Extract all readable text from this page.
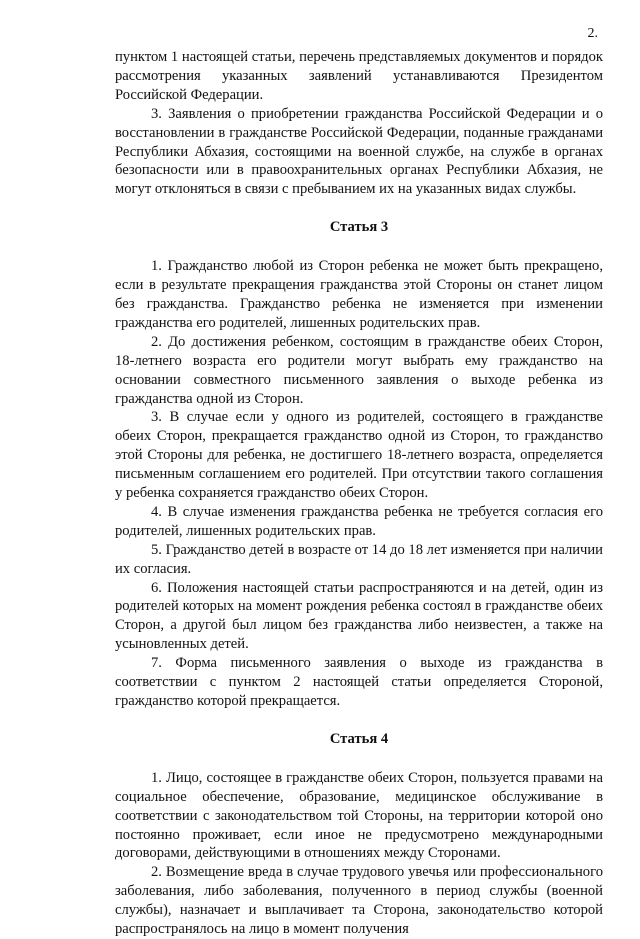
2.

пунктом 1 настоящей статьи, перечень представляемых документов и порядок рассмотрения указанных заявлений устанавливаются Президентом Российской Федерации.

3. Заявления о приобретении гражданства Российской Федерации и о восстановлении в гражданстве Российской Федерации, поданные гражданами Республики Абхазия, состоящими на военной службе, на службе в органах безопасности или в правоохранительных органах Республики Абхазия, не могут отклоняться в связи с пребыванием их на указанных видах службы.

Статья 3

1. Гражданство любой из Сторон ребенка не может быть прекращено, если в результате прекращения гражданства этой Стороны он станет лицом без гражданства. Гражданство ребенка не изменяется при изменении гражданства его родителей, лишенных родительских прав.

2. До достижения ребенком, состоящим в гражданстве обеих Сторон, 18-летнего возраста его родители могут выбрать ему гражданство на основании совместного письменного заявления о выходе ребенка из гражданства одной из Сторон.

3. В случае если у одного из родителей, состоящего в гражданстве обеих Сторон, прекращается гражданство одной из Сторон, то гражданство этой Стороны для ребенка, не достигшего 18-летнего возраста, определяется письменным соглашением его родителей. При отсутствии такого соглашения у ребенка сохраняется гражданство обеих Сторон.

4. В случае изменения гражданства ребенка не требуется согласия его родителей, лишенных родительских прав.

5. Гражданство детей в возрасте от 14 до 18 лет изменяется при наличии их согласия.

6. Положения настоящей статьи распространяются и на детей, один из родителей которых на момент рождения ребенка состоял в гражданстве обеих Сторон, а другой был лицом без гражданства либо неизвестен, а также на усыновленных детей.

7. Форма письменного заявления о выходе из гражданства в соответствии с пунктом 2 настоящей статьи определяется Стороной, гражданство которой прекращается.

Статья 4

1. Лицо, состоящее в гражданстве обеих Сторон, пользуется правами на социальное обеспечение, образование, медицинское обслуживание в соответствии с законодательством той Стороны, на территории которой оно постоянно проживает, если иное не предусмотрено международными договорами, действующими в отношениях между Сторонами.

2. Возмещение вреда в случае трудового увечья или профессионального заболевания, либо заболевания, полученного в период службы (военной службы), назначает и выплачивает та Сторона, законодательство которой распространялось на лицо в момент получения
